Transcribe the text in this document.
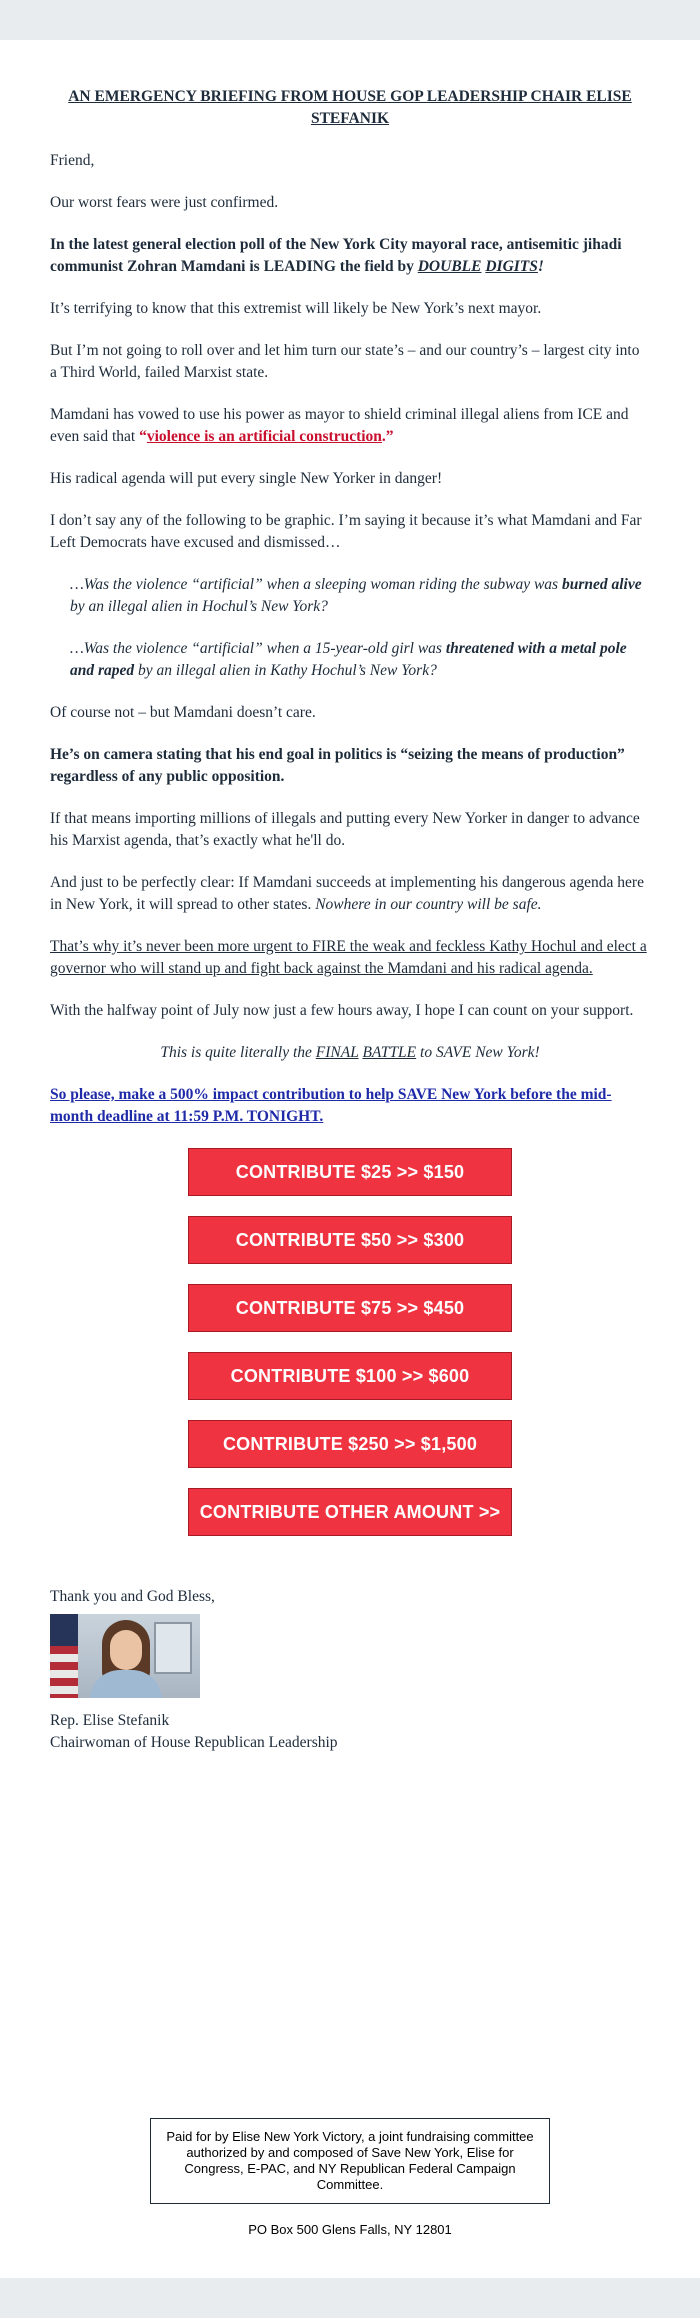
AN EMERGENCY BRIEFING FROM HOUSE GOP LEADERSHIP CHAIR ELISE STEFANIK

Friend,

Our worst fears were just confirmed.

In the latest general election poll of the New York City mayoral race, antisemitic jihadi communist Zohran Mamdani is LEADING the field by DOUBLE DIGITS!

It’s terrifying to know that this extremist will likely be New York’s next mayor.

But I’m not going to roll over and let him turn our state’s – and our country’s – largest city into a Third World, failed Marxist state.

Mamdani has vowed to use his power as mayor to shield criminal illegal aliens from ICE and even said that “violence is an artificial construction.”

His radical agenda will put every single New Yorker in danger!

I don’t say any of the following to be graphic. I’m saying it because it’s what Mamdani and Far Left Democrats have excused and dismissed…

…Was the violence “artificial” when a sleeping woman riding the subway was burned alive by an illegal alien in Hochul’s New York?

…Was the violence “artificial” when a 15-year-old girl was threatened with a metal pole and raped by an illegal alien in Kathy Hochul’s New York?

Of course not – but Mamdani doesn’t care.

He’s on camera stating that his end goal in politics is “seizing the means of production” regardless of any public opposition.

If that means importing millions of illegals and putting every New Yorker in danger to advance his Marxist agenda, that’s exactly what he'll do.

And just to be perfectly clear: If Mamdani succeeds at implementing his dangerous agenda here in New York, it will spread to other states. Nowhere in our country will be safe.

That’s why it’s never been more urgent to FIRE the weak and feckless Kathy Hochul and elect a governor who will stand up and fight back against the Mamdani and his radical agenda.

With the halfway point of July now just a few hours away, I hope I can count on your support.

This is quite literally the FINAL BATTLE to SAVE New York!

So please, make a 500% impact contribution to help SAVE New York before the mid-month deadline at 11:59 P.M. TONIGHT.

CONTRIBUTE $25 >> $150
CONTRIBUTE $50 >> $300
CONTRIBUTE $75 >> $450
CONTRIBUTE $100 >> $600
CONTRIBUTE $250 >> $1,500
CONTRIBUTE OTHER AMOUNT >>
Thank you and God Bless,
Rep. Elise Stefanik
Chairwoman of House Republican Leadership
Paid for by Elise New York Victory, a joint fundraising committee authorized by and composed of Save New York, Elise for Congress, E-PAC, and NY Republican Federal Campaign Committee.
PO Box 500 Glens Falls, NY 12801
